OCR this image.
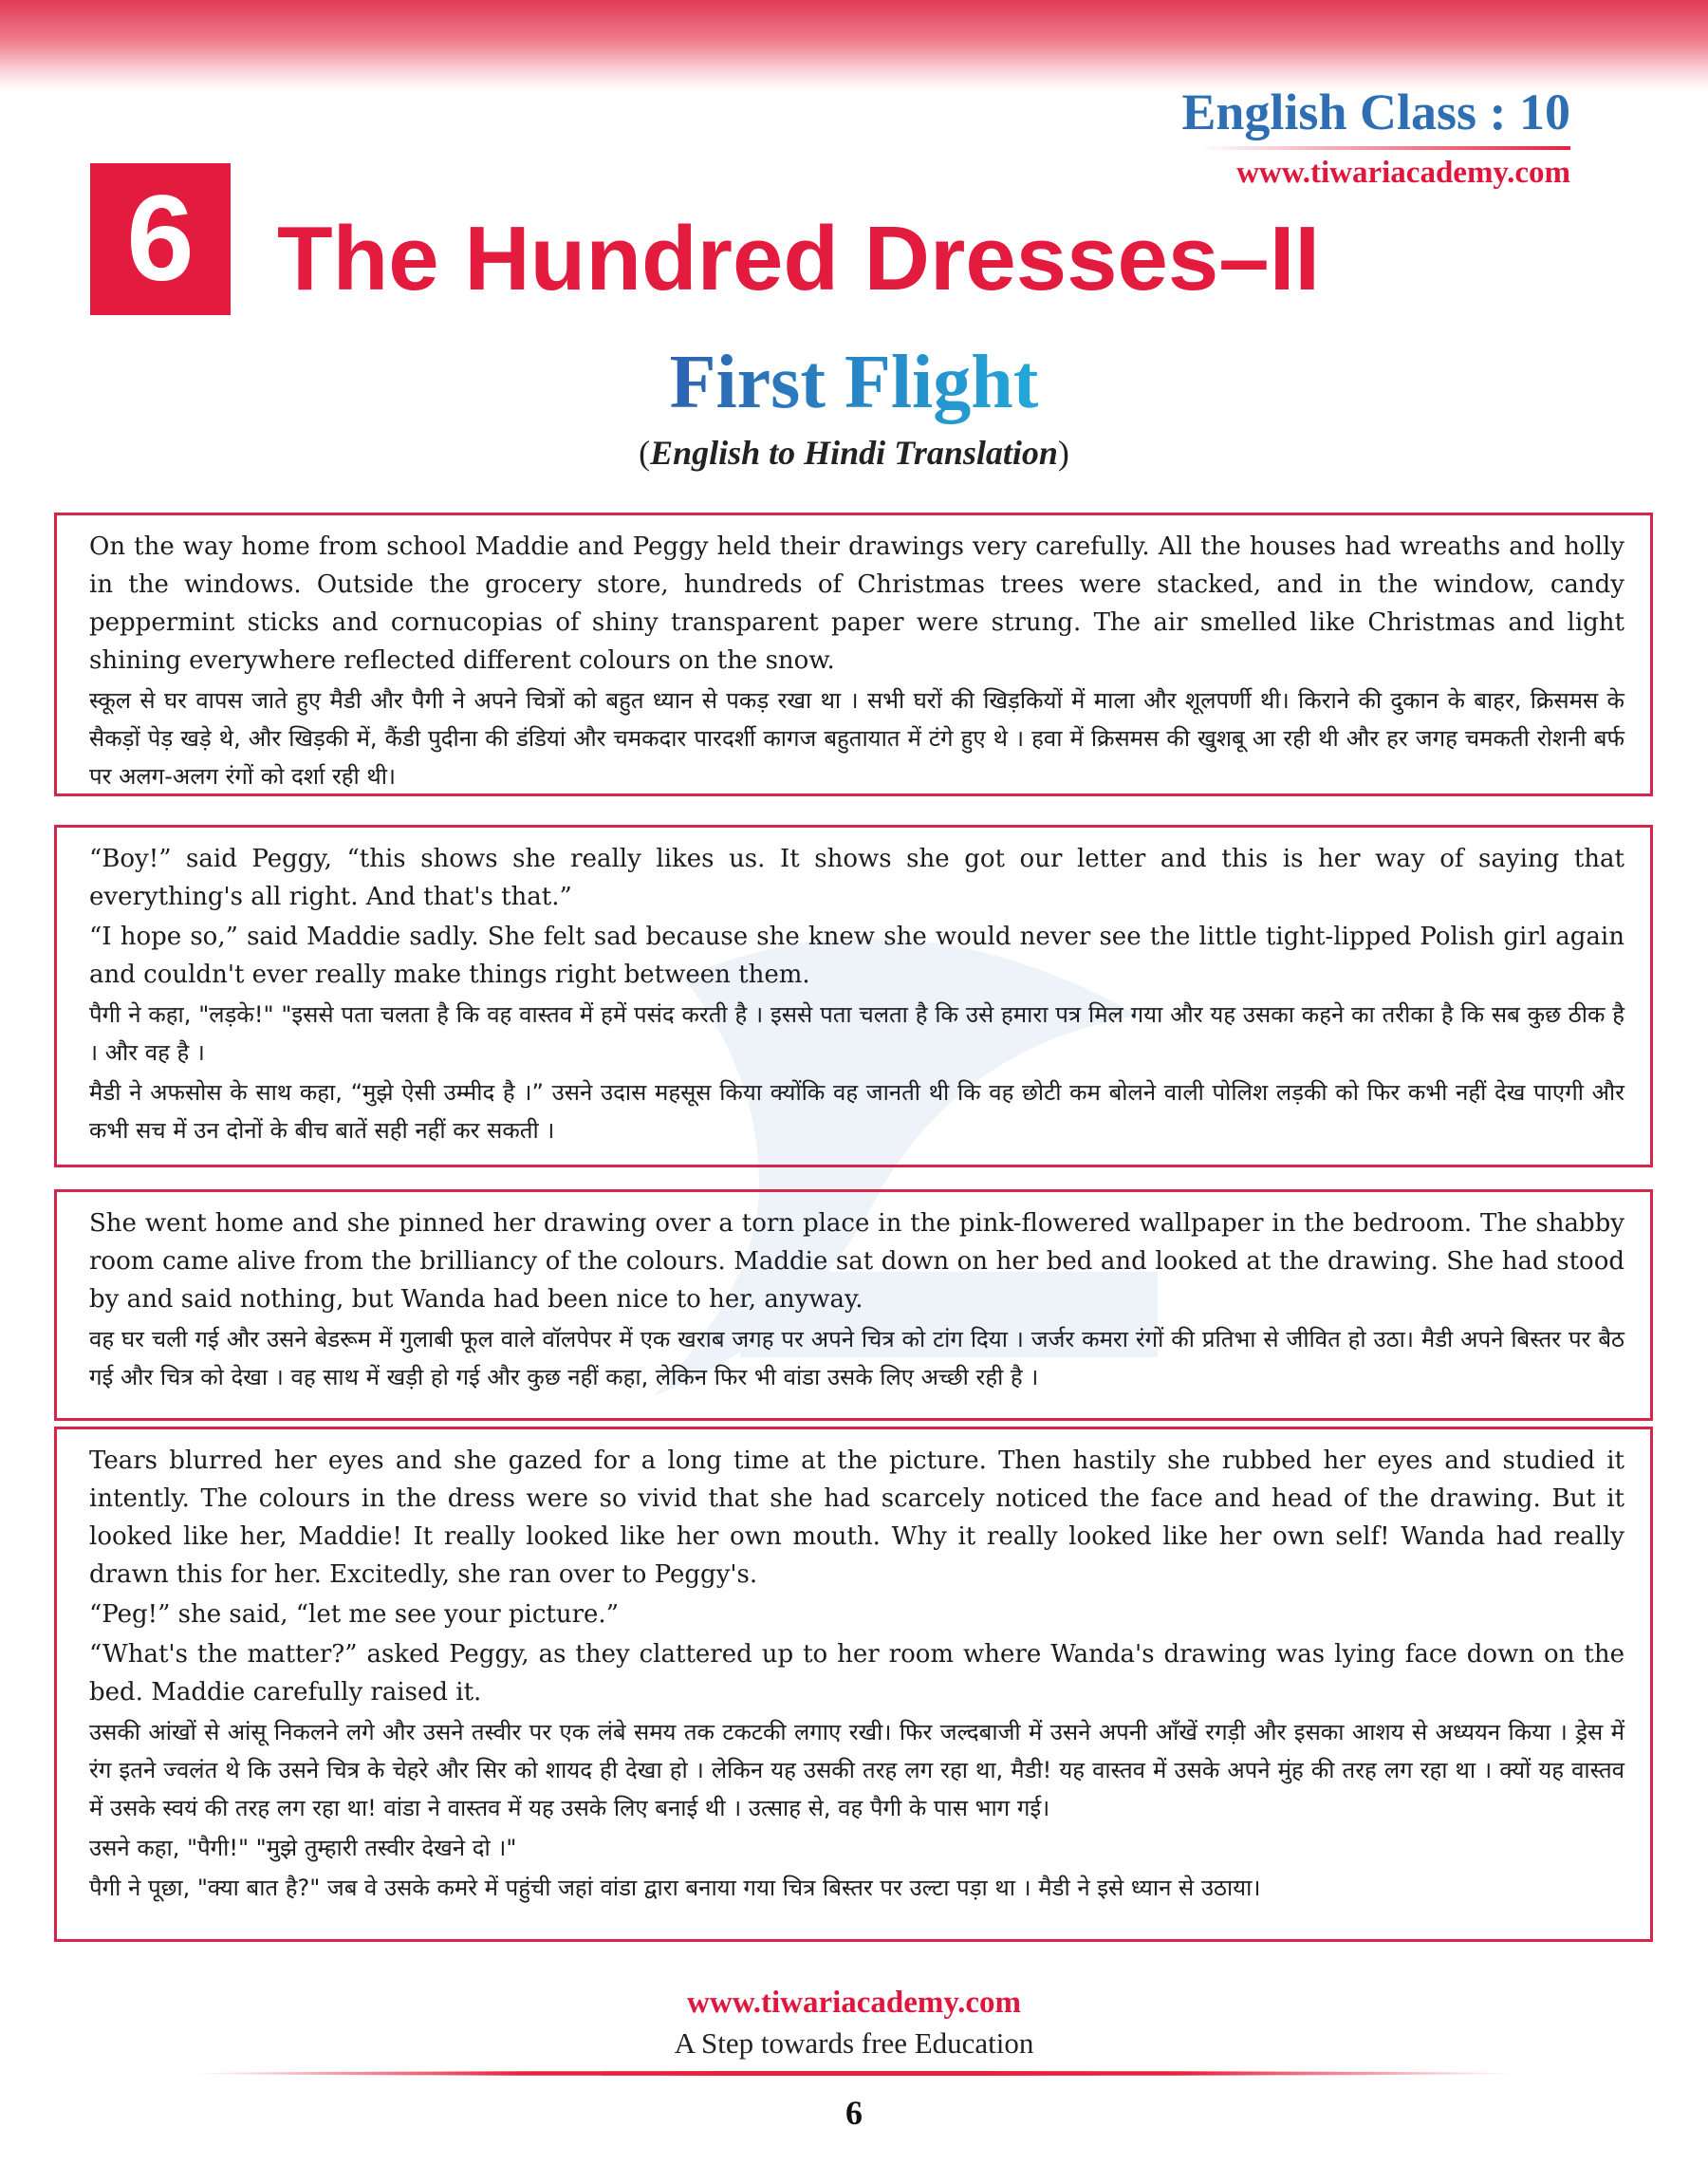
English Class : 10
www.tiwariacademy.com
6 The Hundred Dresses–II
First Flight
(English to Hindi Translation)

On the way home from school Maddie and Peggy held their drawings very carefully. All the houses had wreaths and holly in the windows. Outside the grocery store, hundreds of Christmas trees were stacked, and in the window, candy peppermint sticks and cornucopias of shiny transparent paper were strung. The air smelled like Christmas and light shining everywhere reflected different colours on the snow.

स्कूल से घर वापस जाते हुए मैडी और पैगी ने अपने चित्रों को बहुत ध्यान से पकड़ रखा था । सभी घरों की खिड़कियों में माला और शूलपर्णी थी। किराने की दुकान के बाहर, क्रिसमस के सैकड़ों पेड़ खड़े थे, और खिड़की में, कैंडी पुदीना की डंडियां और चमकदार पारदर्शी कागज बहुतायात में टंगे हुए थे । हवा में क्रिसमस की खुशबू आ रही थी और हर जगह चमकती रोशनी बर्फ पर अलग-अलग रंगों को दर्शा रही थी।

“Boy!” said Peggy, “this shows she really likes us. It shows she got our letter and this is her way of saying that everything's all right. And that's that.”

“I hope so,” said Maddie sadly. She felt sad because she knew she would never see the little tight-lipped Polish girl again and couldn't ever really make things right between them.

पैगी ने कहा, "लड़के!" "इससे पता चलता है कि वह वास्तव में हमें पसंद करती है । इससे पता चलता है कि उसे हमारा पत्र मिल गया और यह उसका कहने का तरीका है कि सब कुछ ठीक है । और वह है ।

मैडी ने अफसोस के साथ कहा, “मुझे ऐसी उम्मीद है ।” उसने उदास महसूस किया क्योंकि वह जानती थी कि वह छोटी कम बोलने वाली पोलिश लड़की को फिर कभी नहीं देख पाएगी और कभी सच में उन दोनों के बीच बातें सही नहीं कर सकती ।

She went home and she pinned her drawing over a torn place in the pink-flowered wallpaper in the bedroom. The shabby room came alive from the brilliancy of the colours. Maddie sat down on her bed and looked at the drawing. She had stood by and said nothing, but Wanda had been nice to her, anyway.

वह घर चली गई और उसने बेडरूम में गुलाबी फूल वाले वॉलपेपर में एक खराब जगह पर अपने चित्र को टांग दिया । जर्जर कमरा रंगों की प्रतिभा से जीवित हो उठा। मैडी अपने बिस्तर पर बैठ गई और चित्र को देखा । वह साथ में खड़ी हो गई और कुछ नहीं कहा, लेकिन फिर भी वांडा उसके लिए अच्छी रही है ।

Tears blurred her eyes and she gazed for a long time at the picture. Then hastily she rubbed her eyes and studied it intently. The colours in the dress were so vivid that she had scarcely noticed the face and head of the drawing. But it looked like her, Maddie! It really looked like her own mouth. Why it really looked like her own self! Wanda had really drawn this for her. Excitedly, she ran over to Peggy's.

“Peg!” she said, “let me see your picture.”

“What's the matter?” asked Peggy, as they clattered up to her room where Wanda's drawing was lying face down on the bed. Maddie carefully raised it.

उसकी आंखों से आंसू निकलने लगे और उसने तस्वीर पर एक लंबे समय तक टकटकी लगाए रखी। फिर जल्दबाजी में उसने अपनी आँखें रगड़ी और इसका आशय से अध्ययन किया । ड्रेस में रंग इतने ज्वलंत थे कि उसने चित्र के चेहरे और सिर को शायद ही देखा हो । लेकिन यह उसकी तरह लग रहा था, मैडी! यह वास्तव में उसके अपने मुंह की तरह लग रहा था । क्यों यह वास्तव में उसके स्वयं की तरह लग रहा था! वांडा ने वास्तव में यह उसके लिए बनाई थी । उत्साह से, वह पैगी के पास भाग गई।

उसने कहा, "पैगी!" "मुझे तुम्हारी तस्वीर देखने दो ।"

पैगी ने पूछा, "क्या बात है?" जब वे उसके कमरे में पहुंची जहां वांडा द्वारा बनाया गया चित्र बिस्तर पर उल्टा पड़ा था । मैडी ने इसे ध्यान से उठाया।

www.tiwariacademy.com
A Step towards free Education
6
